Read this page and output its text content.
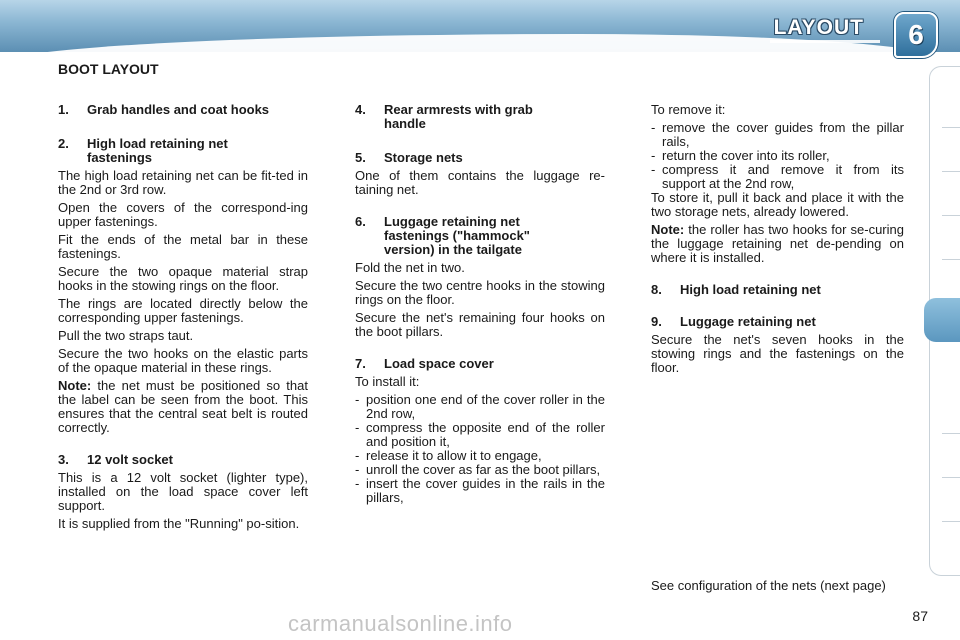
LAYOUT	6
BOOT LAYOUT
1.	Grab handles and coat hooks
2.	High load retaining net fastenings
The high load retaining net can be fit-ted in the 2nd or 3rd row.
Open the covers of the correspond-ing upper fastenings.
Fit the ends of the metal bar in these fastenings.
Secure the two opaque material strap hooks in the stowing rings on the floor.
The rings are located directly below the corresponding upper fastenings.
Pull the two straps taut.
Secure the two hooks on the elastic parts of the opaque material in these rings.
Note: the net must be positioned so that the label can be seen from the boot. This ensures that the central seat belt is routed correctly.
3.	12 volt socket
This is a 12 volt socket (lighter type), installed on the load space cover left support.
It is supplied from the "Running" po-sition.
4.	Rear armrests with grab handle
5.	Storage nets
One of them contains the luggage re-taining net.
6.	Luggage retaining net fastenings ("hammock" version) in the tailgate
Fold the net in two.
Secure the two centre hooks in the stowing rings on the floor.
Secure the net's remaining four hooks on the boot pillars.
7.	Load space cover
To install it:
- position one end of the cover roller in the 2nd row,
- compress the opposite end of the roller and position it,
- release it to allow it to engage,
- unroll the cover as far as the boot pillars,
- insert the cover guides in the rails in the pillars,
To remove it:
- remove the cover guides from the pillar rails,
- return the cover into its roller,
- compress it and remove it from its support at the 2nd row,
To store it, pull it back and place it with the two storage nets, already lowered.
Note: the roller has two hooks for se-curing the luggage retaining net de-pending on where it is installed.
8.	High load retaining net
9.	Luggage retaining net
Secure the net's seven hooks in the stowing rings and the fastenings on the floor.
See configuration of the nets (next page)
carmanualsonline.info	87
